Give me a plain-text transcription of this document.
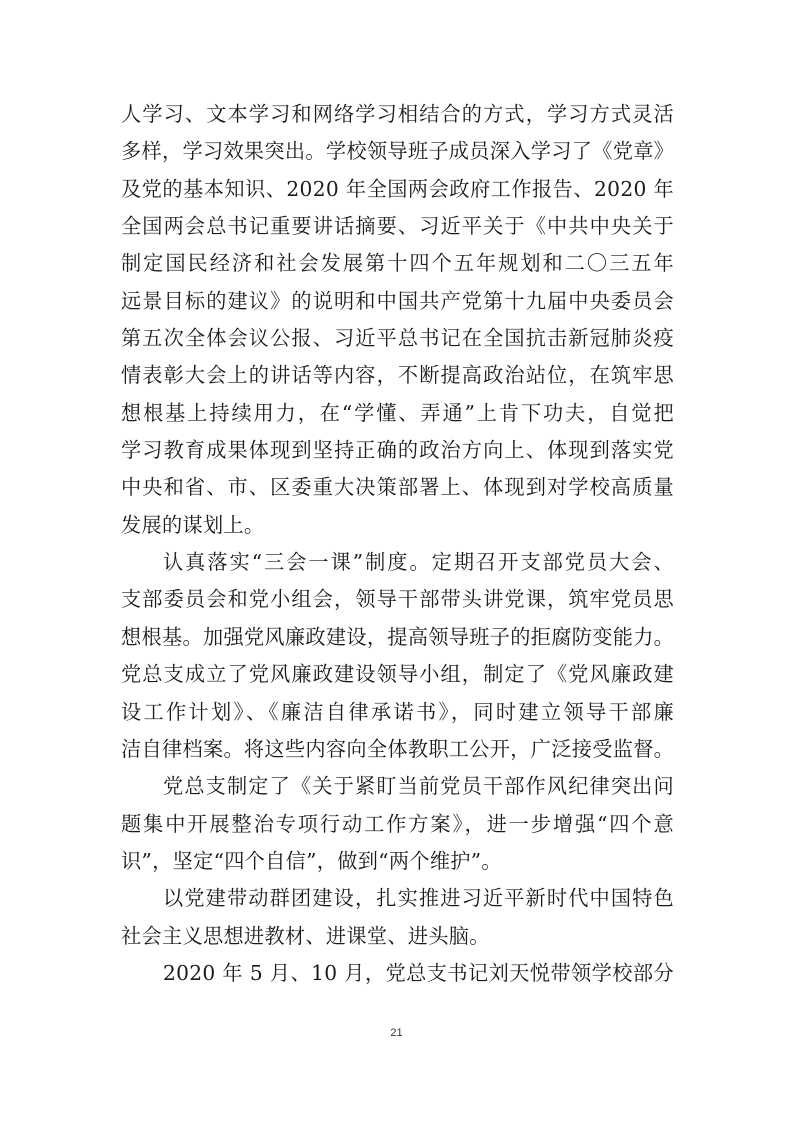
人学习、文本学习和网络学习相结合的方式，学习方式灵活
多样，学习效果突出。学校领导班子成员深入学习了《党章》
及党的基本知识、2020 年全国两会政府工作报告、2020 年
全国两会总书记重要讲话摘要、习近平关于《中共中央关于
制定国民经济和社会发展第十四个五年规划和二〇三五年
远景目标的建议》的说明和中国共产党第十九届中央委员会
第五次全体会议公报、习近平总书记在全国抗击新冠肺炎疫
情表彰大会上的讲话等内容，不断提高政治站位，在筑牢思
想根基上持续用力，在“学懂、弄通”上肯下功夫，自觉把
学习教育成果体现到坚持正确的政治方向上、体现到落实党
中央和省、市、区委重大决策部署上、体现到对学校高质量
发展的谋划上。
认真落实“三会一课”制度。定期召开支部党员大会、
支部委员会和党小组会，领导干部带头讲党课，筑牢党员思
想根基。加强党风廉政建设，提高领导班子的拒腐防变能力。
党总支成立了党风廉政建设领导小组，制定了《党风廉政建
设工作计划》、《廉洁自律承诺书》，同时建立领导干部廉
洁自律档案。将这些内容向全体教职工公开，广泛接受监督。
党总支制定了《关于紧盯当前党员干部作风纪律突出问
题集中开展整治专项行动工作方案》，进一步增强“四个意
识”，坚定“四个自信”，做到“两个维护”。
以党建带动群团建设，扎实推进习近平新时代中国特色
社会主义思想进教材、进课堂、进头脑。
2020 年 5 月、10 月，党总支书记刘天悦带领学校部分
21
